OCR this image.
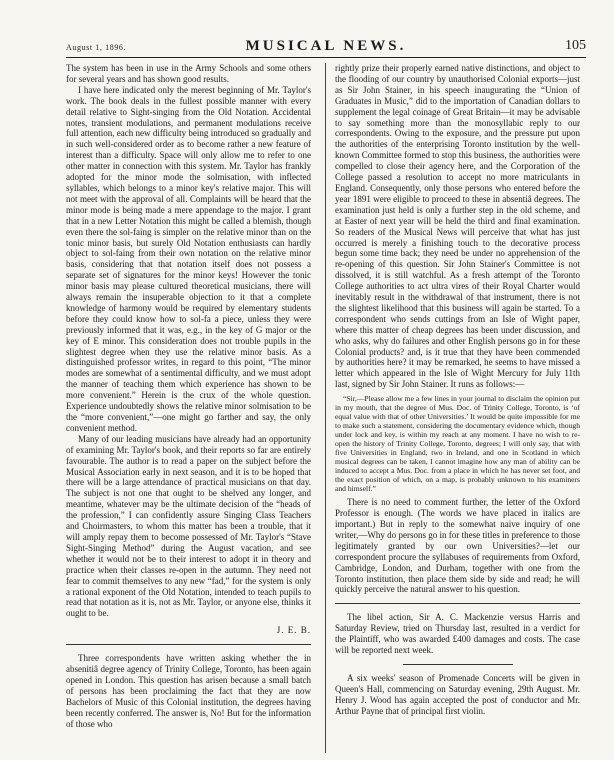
August 1, 1896.	MUSICAL NEWS.	105

The system has been in use in the Army Schools and some others for several years and has shown good results.

I have here indicated only the merest beginning of Mr. Taylor's work. The book deals in the fullest possible manner with every detail relative to Sight-singing from the Old Notation. Accidental notes, transient modulations, and permanent modulations receive full attention, each new difficulty being introduced so gradually and in such well-considered order as to become rather a new feature of interest than a difficulty. Space will only allow me to refer to one other matter in connection with this system. Mr. Taylor has frankly adopted for the minor mode the solmisation, with inflected syllables, which belongs to a minor key's relative major. This will not meet with the approval of all. Complaints will be heard that the minor mode is being made a mere appendage to the major. I grant that in a new Letter Notation this might be called a blemish, though even there the sol-faing is simpler on the relative minor than on the tonic minor basis, but surely Old Notation enthusiasts can hardly object to sol-faing from their own notation on the relative minor basis, considering that that notation itself does not possess a separate set of signatures for the minor keys! However the tonic minor basis may please cultured theoretical musicians, there will always remain the insuperable objection to it that a complete knowledge of harmony would be required by elementary students before they could know how to sol-fa a piece, unless they were previously informed that it was, e.g., in the key of G major or the key of E minor. This consideration does not trouble pupils in the slightest degree when they use the relative minor basis. As a distinguished professor writes, in regard to this point, “The minor modes are somewhat of a sentimental difficulty, and we must adopt the manner of teaching them which experience has shown to be more convenient.” Herein is the crux of the whole question. Experience undoubtedly shows the relative minor solmisation to be the “more convenient,”—one might go farther and say, the only convenient method.

Many of our leading musicians have already had an opportunity of examining Mr. Taylor's book, and their reports so far are entirely favourable. The author is to read a paper on the subject before the Musical Association early in next season, and it is to be hoped that there will be a large attendance of practical musicians on that day. The subject is not one that ought to be shelved any longer, and meantime, whatever may be the ultimate decision of the “heads of the profession,” I can confidently assure Singing Class Teachers and Choirmasters, to whom this matter has been a trouble, that it will amply repay them to become possessed of Mr. Taylor's “Stave Sight-Singing Method” during the August vacation, and see whether it would not be to their interest to adopt it in theory and practice when their classes re-open in the autumn. They need not fear to commit themselves to any new “fad,” for the system is only a rational exponent of the Old Notation, intended to teach pupils to read that notation as it is, not as Mr. Taylor, or anyone else, thinks it ought to be.

J. E. B.

Three correspondents have written asking whether the in absenitiâ degree agency of Trinity College, Toronto, has been again opened in London. This question has arisen because a small batch of persons has been proclaiming the fact that they are now Bachelors of Music of this Colonial institution, the degrees having been recently conferred. The answer is, No! But for the information of those who

rightly prize their properly earned native distinctions, and object to the flooding of our country by unauthorised Colonial exports—just as Sir John Stainer, in his speech inaugurating the “Union of Graduates in Music,” did to the importation of Canadian dollars to supplement the legal coinage of Great Britain—it may be advisable to say something more than the monosyllabic reply to our correspondents. Owing to the exposure, and the pressure put upon the authorities of the enterprising Toronto institution by the well-known Committee formed to stop this business, the authorities were compelled to close their agency here, and the Corporation of the College passed a resolution to accept no more matriculants in England. Consequently, only those persons who entered before the year 1891 were eligible to proceed to these in absentiâ degrees. The examination just held is only a further step in the old scheme, and at Easter of next year will be held the third and final examination. So readers of the Musical News will perceive that what has just occurred is merely a finishing touch to the decorative process begun some time back; they need be under no apprehension of the re-opening of this question. Sir John Stainer's Committee is not dissolved, it is still watchful. As a fresh attempt of the Toronto College authorities to act ultra vires of their Royal Charter would inevitably result in the withdrawal of that instrument, there is not the slightest likelihood that this business will again be started. To a correspondent who sends cuttings from an Isle of Wight paper, where this matter of cheap degrees has been under discussion, and who asks, why do failures and other English persons go in for these Colonial products? and, is it true that they have been commended by authorities here? it may be remarked, he seems to have missed a letter which appeared in the Isle of Wight Mercury for July 11th last, signed by Sir John Stainer. It runs as follows:—

“Sir,—Please allow me a few lines in your journal to disclaim the opinion put in my mouth, that the degree of Mus. Doc. of Trinity College, Toronto, is ‘of equal value with that of other Universities.’ It would be quite impossible for me to make such a statement, considering the documentary evidence which, though under lock and key, is within my reach at any moment. I have no wish to re-open the history of Trinity College, Toronto, degrees; I will only say, that with five Universities in England, two in Ireland, and one in Scotland in which musical degrees can be taken, I cannot imagine how any man of ability can be induced to accept a Mus. Doc. from a place in which he has never set foot, and the exact position of which, on a map, is probably unknown to his examiners and himself.”

There is no need to comment further, the letter of the Oxford Professor is enough. (The words we have placed in italics are important.) But in reply to the somewhat naive inquiry of one writer,—Why do persons go in for these titles in preference to those legitimately granted by our own Universities?—let our correspondent procure the syllabuses of requirements from Oxford, Cambridge, London, and Durham, together with one from the Toronto institution, then place them side by side and read; he will quickly perceive the natural answer to his question.

The libel action, Sir A. C. Mackenzie versus Harris and Saturday Review, tried on Thursday last, resulted in a verdict for the Plaintiff, who was awarded £400 damages and costs. The case will be reported next week.

A six weeks' season of Promenade Concerts will be given in Queen's Hall, commencing on Saturday evening, 29th August. Mr. Henry J. Wood has again accepted the post of conductor and Mr. Arthur Payne that of principal first violin.
